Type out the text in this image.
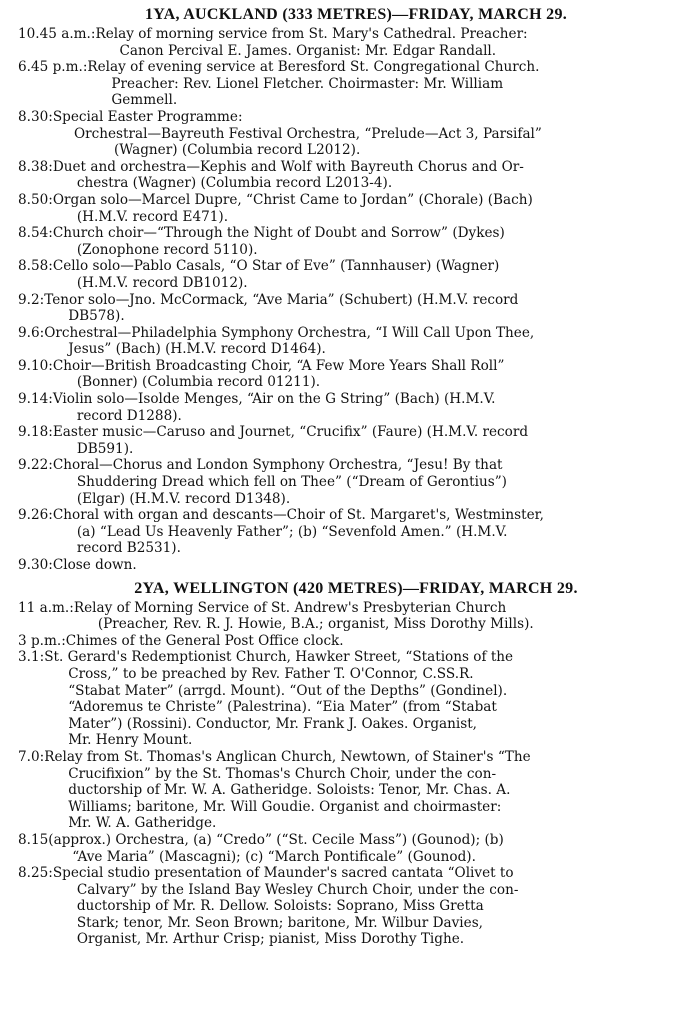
1YA, AUCKLAND (333 METRES)—FRIDAY, MARCH 29.
10.45 a.m.: Relay of morning service from St. Mary's Cathedral. Preacher:
Canon Percival E. James. Organist: Mr. Edgar Randall.
6.45 p.m.: Relay of evening service at Beresford St. Congregational Church.
Preacher: Rev. Lionel Fletcher. Choirmaster: Mr. William
Gemmell.
8.30: Special Easter Programme:
Orchestral—Bayreuth Festival Orchestra, “Prelude—Act 3, Parsifal”
(Wagner) (Columbia record L2012).
8.38: Duet and orchestra—Kephis and Wolf with Bayreuth Chorus and Or-
chestra (Wagner) (Columbia record L2013-4).
8.50: Organ solo—Marcel Dupre, “Christ Came to Jordan” (Chorale) (Bach)
(H.M.V. record E471).
8.54: Church choir—“Through the Night of Doubt and Sorrow” (Dykes)
(Zonophone record 5110).
8.58: Cello solo—Pablo Casals, “O Star of Eve” (Tannhauser) (Wagner)
(H.M.V. record DB1012).
9.2: Tenor solo—Jno. McCormack, “Ave Maria” (Schubert) (H.M.V. record
DB578).
9.6: Orchestral—Philadelphia Symphony Orchestra, “I Will Call Upon Thee,
Jesus” (Bach) (H.M.V. record D1464).
9.10: Choir—British Broadcasting Choir, “A Few More Years Shall Roll”
(Bonner) (Columbia record 01211).
9.14: Violin solo—Isolde Menges, “Air on the G String” (Bach) (H.M.V.
record D1288).
9.18: Easter music—Caruso and Journet, “Crucifix” (Faure) (H.M.V. record
DB591).
9.22: Choral—Chorus and London Symphony Orchestra, “Jesu! By that
Shuddering Dread which fell on Thee” (“Dream of Gerontius”)
(Elgar) (H.M.V. record D1348).
9.26: Choral with organ and descants—Choir of St. Margaret's, Westminster,
(a) “Lead Us Heavenly Father”; (b) “Sevenfold Amen.” (H.M.V.
record B2531).
9.30: Close down.
2YA, WELLINGTON (420 METRES)—FRIDAY, MARCH 29.
11 a.m.: Relay of Morning Service of St. Andrew's Presbyterian Church
(Preacher, Rev. R. J. Howie, B.A.; organist, Miss Dorothy Mills).
3 p.m.: Chimes of the General Post Office clock.
3.1: St. Gerard's Redemptionist Church, Hawker Street, “Stations of the
Cross,” to be preached by Rev. Father T. O'Connor, C.SS.R.
“Stabat Mater” (arrgd. Mount). “Out of the Depths” (Gondinel).
“Adoremus te Christe” (Palestrina). “Eia Mater” (from “Stabat
Mater”) (Rossini). Conductor, Mr. Frank J. Oakes. Organist,
Mr. Henry Mount.
7.0: Relay from St. Thomas's Anglican Church, Newtown, of Stainer's “The
Crucifixion” by the St. Thomas's Church Choir, under the con-
ductorship of Mr. W. A. Gatheridge. Soloists: Tenor, Mr. Chas. A.
Williams; baritone, Mr. Will Goudie. Organist and choirmaster:
Mr. W. A. Gatheridge.
8.15 (approx.) Orchestra, (a) “Credo” (“St. Cecile Mass”) (Gounod); (b)
“Ave Maria” (Mascagni); (c) “March Pontificale” (Gounod).
8.25: Special studio presentation of Maunder's sacred cantata “Olivet to
Calvary” by the Island Bay Wesley Church Choir, under the con-
ductorship of Mr. R. Dellow. Soloists: Soprano, Miss Gretta
Stark; tenor, Mr. Seon Brown; baritone, Mr. Wilbur Davies,
Organist, Mr. Arthur Crisp; pianist, Miss Dorothy Tighe.
